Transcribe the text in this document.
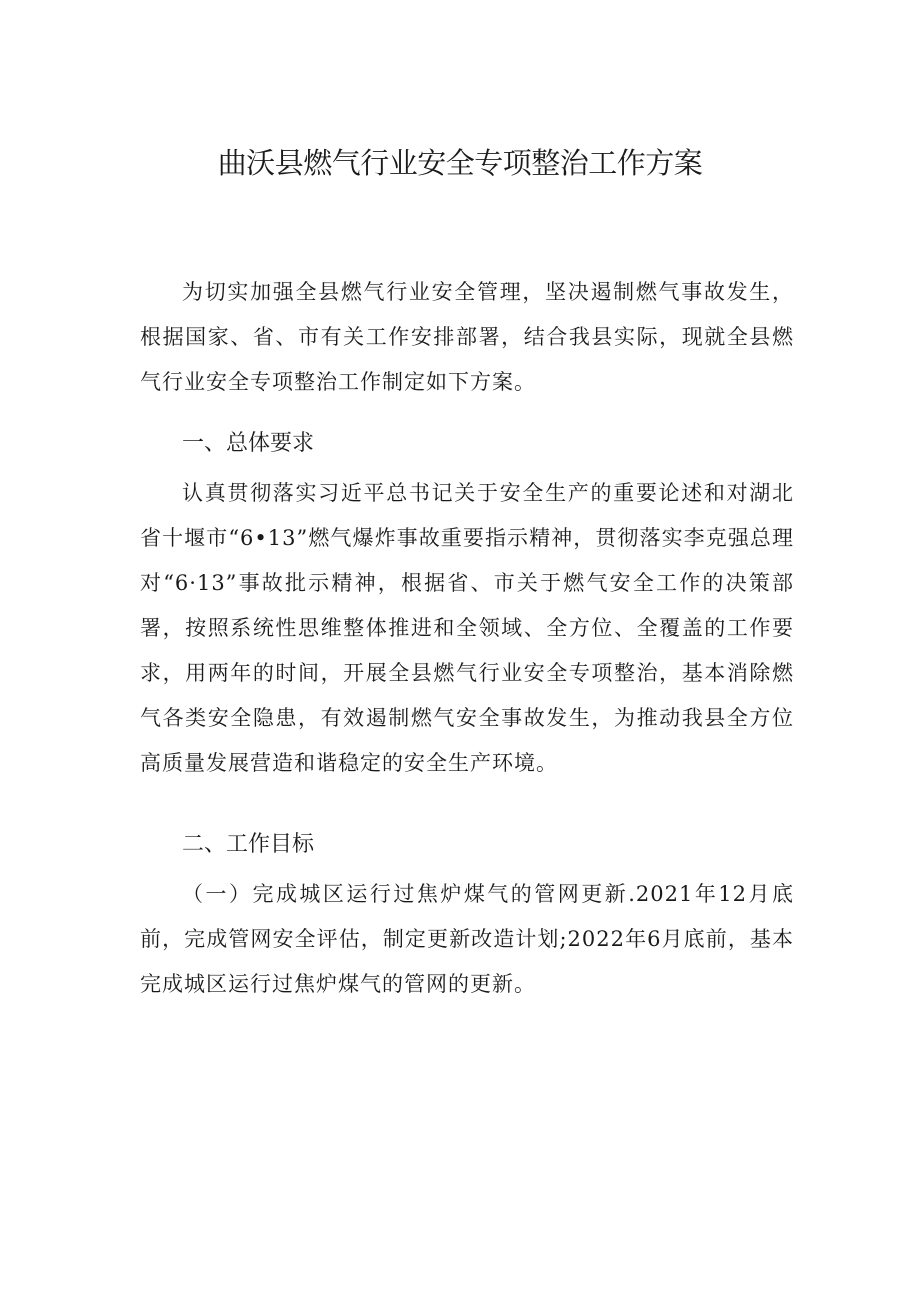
曲沃县燃气行业安全专项整治工作方案

为切实加强全县燃气行业安全管理，坚决遏制燃气事故发生，根据国家、省、市有关工作安排部署，结合我县实际，现就全县燃气行业安全专项整治工作制定如下方案。

一、总体要求

认真贯彻落实习近平总书记关于安全生产的重要论述和对湖北省十堰市“6•13”燃气爆炸事故重要指示精神，贯彻落实李克强总理对“6·13”事故批示精神，根据省、市关于燃气安全工作的决策部署，按照系统性思维整体推进和全领域、全方位、全覆盖的工作要求，用两年的时间，开展全县燃气行业安全专项整治，基本消除燃气各类安全隐患，有效遏制燃气安全事故发生，为推动我县全方位高质量发展营造和谐稳定的安全生产环境。

二、工作目标

（一）完成城区运行过焦炉煤气的管网更新.2021年12月底前，完成管网安全评估，制定更新改造计划;2022年6月底前，基本完成城区运行过焦炉煤气的管网的更新。
